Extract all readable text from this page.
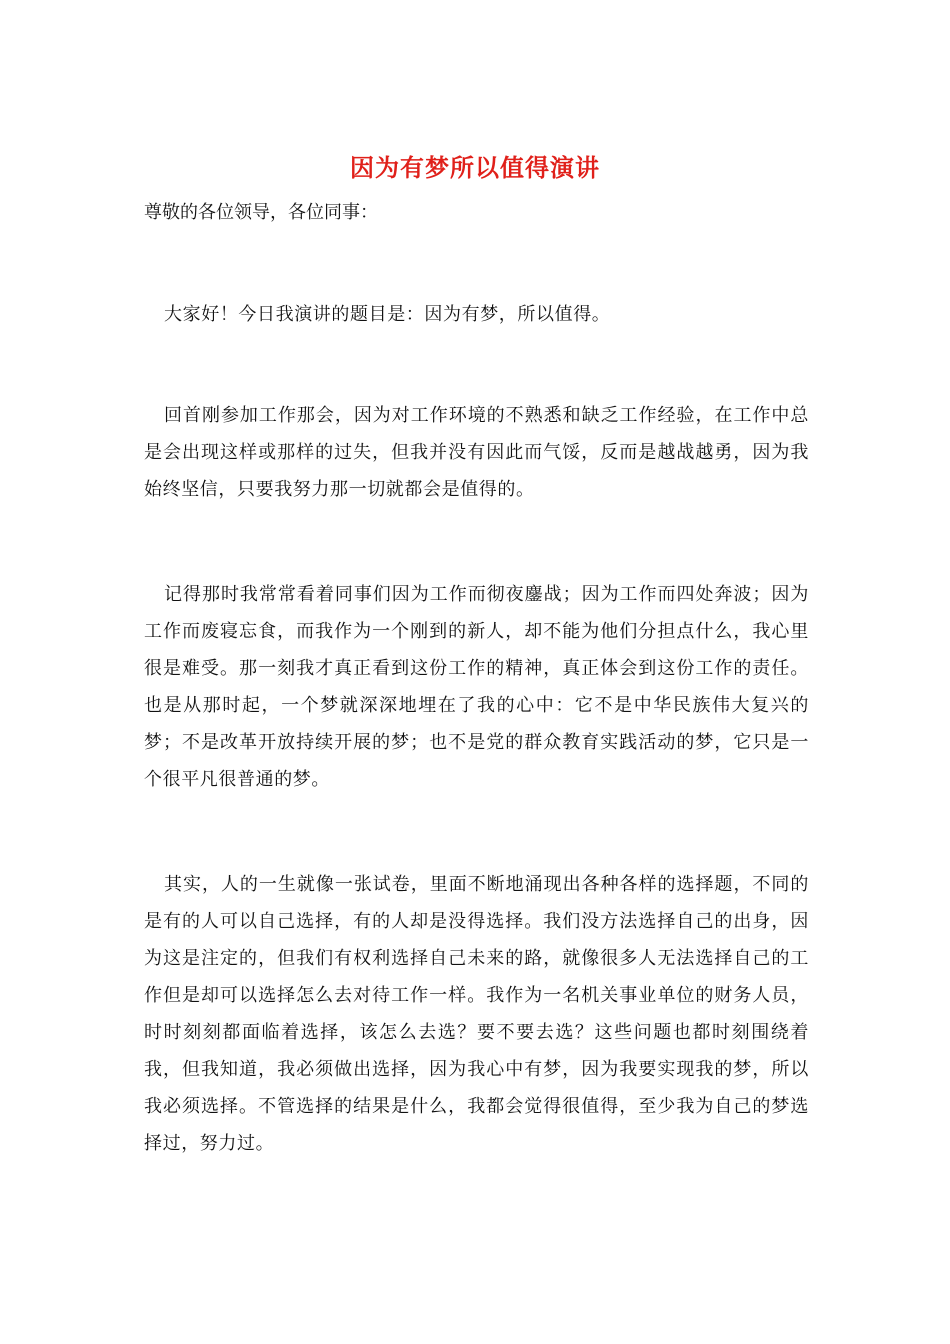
因为有梦所以值得演讲
尊敬的各位领导，各位同事：

大家好！今日我演讲的题目是：因为有梦，所以值得。

回首刚参加工作那会，因为对工作环境的不熟悉和缺乏工作经验，在工作中总是会出现这样或那样的过失，但我并没有因此而气馁，反而是越战越勇，因为我始终坚信，只要我努力那一切就都会是值得的。

记得那时我常常看着同事们因为工作而彻夜鏖战；因为工作而四处奔波；因为工作而废寝忘食，而我作为一个刚到的新人，却不能为他们分担点什么，我心里很是难受。那一刻我才真正看到这份工作的精神，真正体会到这份工作的责任。也是从那时起，一个梦就深深地埋在了我的心中：它不是中华民族伟大复兴的梦；不是改革开放持续开展的梦；也不是党的群众教育实践活动的梦，它只是一个很平凡很普通的梦。

其实，人的一生就像一张试卷，里面不断地涌现出各种各样的选择题，不同的是有的人可以自己选择，有的人却是没得选择。我们没方法选择自己的出身，因为这是注定的，但我们有权利选择自己未来的路，就像很多人无法选择自己的工作但是却可以选择怎么去对待工作一样。我作为一名机关事业单位的财务人员，时时刻刻都面临着选择，该怎么去选？要不要去选？这些问题也都时刻围绕着我，但我知道，我必须做出选择，因为我心中有梦，因为我要实现我的梦，所以我必须选择。不管选择的结果是什么，我都会觉得很值得，至少我为自己的梦选择过，努力过。
